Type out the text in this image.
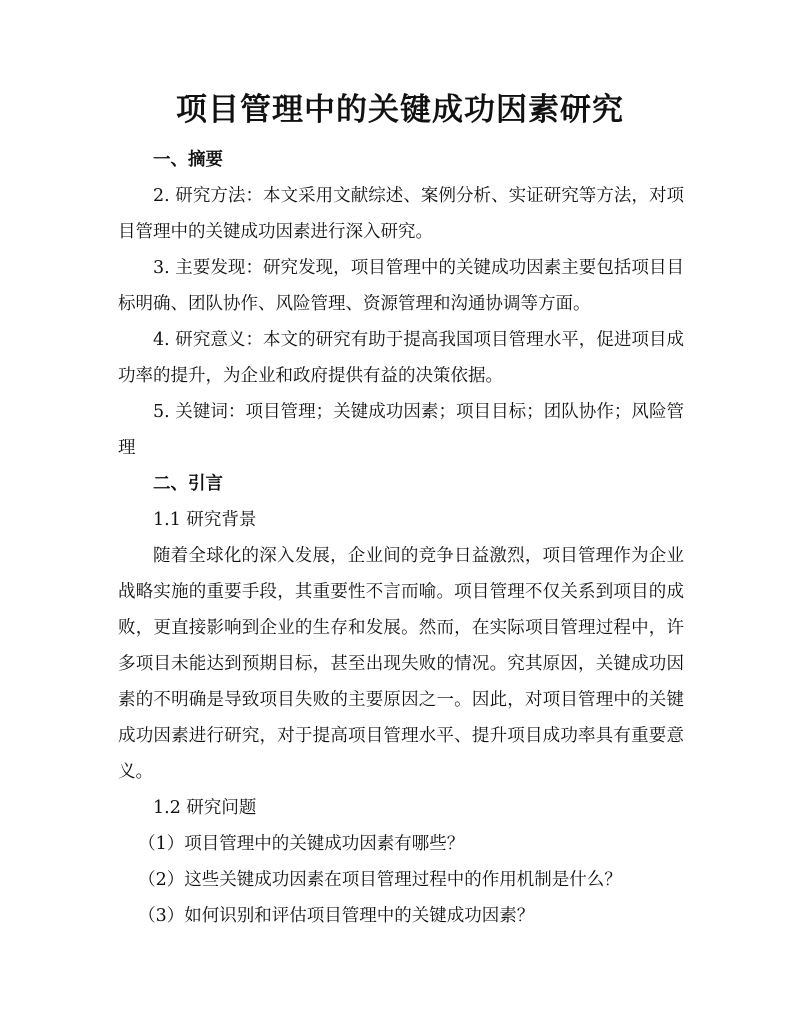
项目管理中的关键成功因素研究

一、摘要

2. 研究方法：本文采用文献综述、案例分析、实证研究等方法，对项目管理中的关键成功因素进行深入研究。

3. 主要发现：研究发现，项目管理中的关键成功因素主要包括项目目标明确、团队协作、风险管理、资源管理和沟通协调等方面。

4. 研究意义：本文的研究有助于提高我国项目管理水平，促进项目成功率的提升，为企业和政府提供有益的决策依据。

5. 关键词：项目管理；关键成功因素；项目目标；团队协作；风险管理

二、引言

1.1 研究背景

随着全球化的深入发展，企业间的竞争日益激烈，项目管理作为企业战略实施的重要手段，其重要性不言而喻。项目管理不仅关系到项目的成败，更直接影响到企业的生存和发展。然而，在实际项目管理过程中，许多项目未能达到预期目标，甚至出现失败的情况。究其原因，关键成功因素的不明确是导致项目失败的主要原因之一。因此，对项目管理中的关键成功因素进行研究，对于提高项目管理水平、提升项目成功率具有重要意义。

1.2 研究问题

（1）项目管理中的关键成功因素有哪些？

（2）这些关键成功因素在项目管理过程中的作用机制是什么？

（3）如何识别和评估项目管理中的关键成功因素？
